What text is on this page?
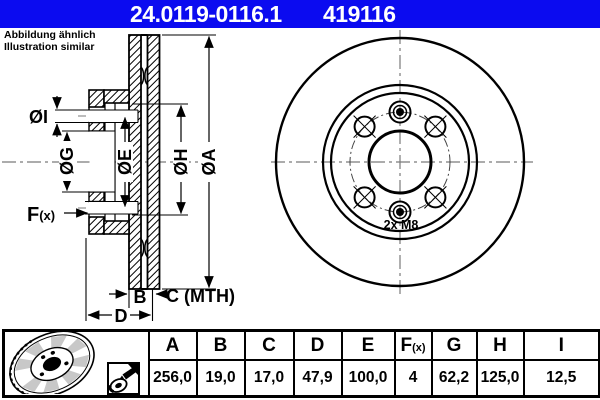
24.0119-0116.1 419116
Abbildung ähnlich
Illustration similar
ØA
ØH
ØE
ØG
ØI
F(x)
B C (MTH)
D
2x M8
	A	B	C	D	E	F(x)	G	H	I
	256,0	19,0	17,0	47,9	100,0	4	62,2	125,0	12,5
